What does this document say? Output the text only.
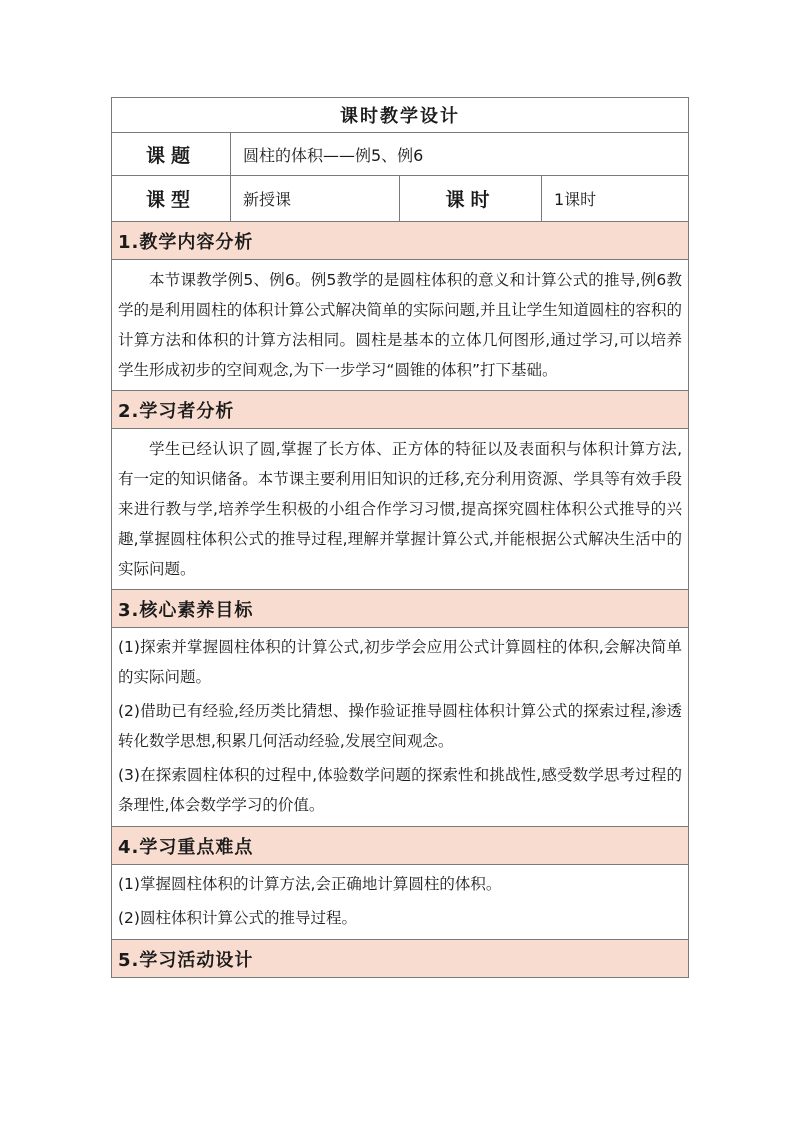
课时教学设计			
课题	圆柱的体积——例5、例6		
课型	新授课	课时	1课时
1.教学内容分析			

本节课教学例5、例6。例5教学的是圆柱体积的意义和计算公式的推导,例6教学的是利用圆柱的体积计算公式解决简单的实际问题,并且让学生知道圆柱的容积的计算方法和体积的计算方法相同。圆柱是基本的立体几何图形,通过学习,可以培养学生形成初步的空间观念,为下一步学习“圆锥的体积”打下基础。			

2.学习者分析			

学生已经认识了圆,掌握了长方体、正方体的特征以及表面积与体积计算方法,有一定的知识储备。本节课主要利用旧知识的迁移,充分利用资源、学具等有效手段来进行教与学,培养学生积极的小组合作学习习惯,提高探究圆柱体积公式推导的兴趣,掌握圆柱体积公式的推导过程,理解并掌握计算公式,并能根据公式解决生活中的实际问题。			

3.核心素养目标			

(1)探索并掌握圆柱体积的计算公式,初步学会应用公式计算圆柱的体积,会解决简单的实际问题。

(2)借助已有经验,经历类比猜想、操作验证推导圆柱体积计算公式的探索过程,渗透转化数学思想,积累几何活动经验,发展空间观念。

(3)在探索圆柱体积的过程中,体验数学问题的探索性和挑战性,感受数学思考过程的条理性,体会数学学习的价值。			

4.学习重点难点			

(1)掌握圆柱体积的计算方法,会正确地计算圆柱的体积。

(2)圆柱体积计算公式的推导过程。			

5.学习活动设计			
